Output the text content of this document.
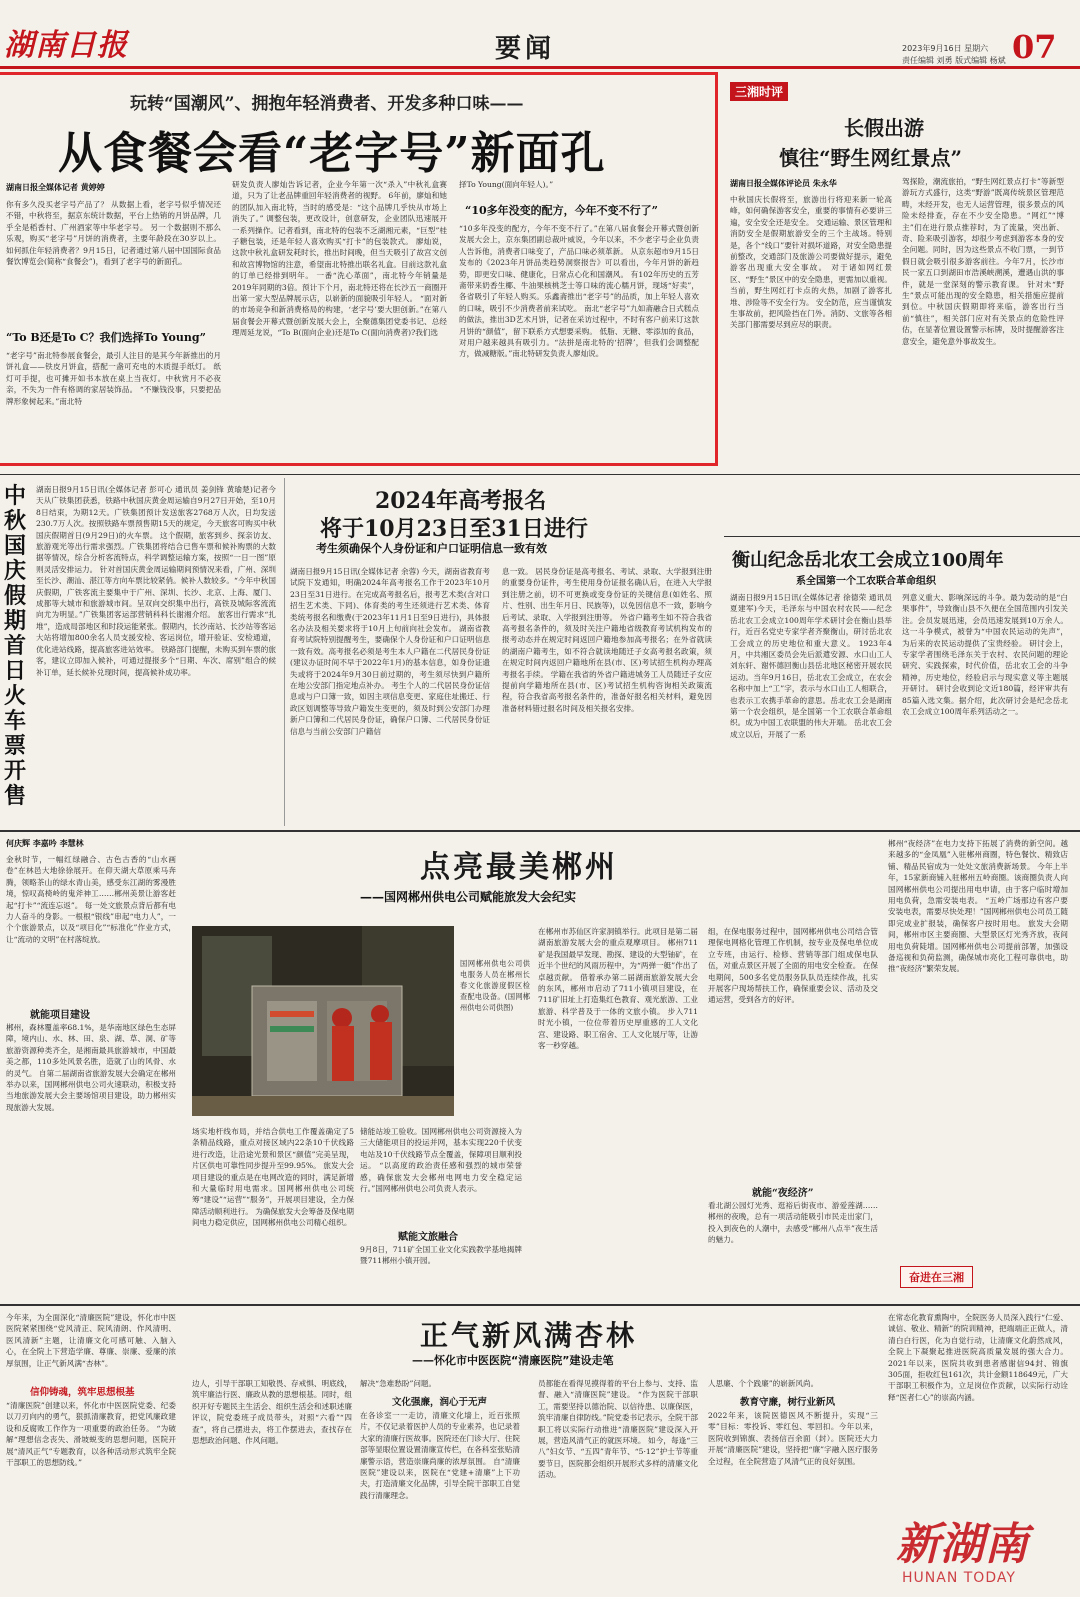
湖南日报	要闻	2023年9月16日 星期六
责任编辑 刘勇 版式编辑 杨斌 07
玩转“国潮风”、拥抱年轻消费者、开发多种口味——
从食餐会看“老字号”新面孔
湖南日报全媒体记者 黄婷婷
你有多久没买老字号产品了？ 从数据上看，老字号似乎情况还不错，中秋将至，据京东统计数据，平台上热销的月饼品牌，几乎全是稻香村、广州酒家等中华老字号。 另一个数据则不那么乐观，购买“老字号”月饼的消费者，主要年龄段在30岁以上。 如何抓住年轻消费者？9月15日，记者通过第八届中国国际食品餐饮博览会(简称“食餐会”)，看到了老字号的新面孔。
“To B还是To C？我们选择To Young”
“老字号”南北特参展食餐会，最引人注目的是其今年新推出的月饼礼盒——铁皮月饼盒，搭配一盏可充电的木质提手纸灯。 纸灯可手提，也可摊开如书本放在桌上当夜灯。中秋赏月不必夜亲，不失为一件有格调的家居装饰品。 “不赚钱没事，只要把品牌形象树起来。”南北特
研发负责人廖灿告诉记者，企业今年第一次“杀入”中秋礼盒赛道，只为了让老品牌重回年轻消费者的视野。 6年前，廖灿和她的团队加入南北特，当时的感受是：“这个品牌几乎快从市场上消失了。” 调整包装，更改设计，创意研发，企业团队迅速展开一系列操作。记者看到，南北特的包装不乏湖湘元素，“巨型”桂子糖包装，还是年轻人喜欢购买“打卡”的包装款式。 廖灿说，这款中秋礼盒研发耗时长，推出时间晚，但当天吸引了故宫文创和故宫博物馆的注意，希望南北特推出联名礼盒。目前这款礼盒的订单已经排到明年。 一番“洗心革面”，南北特今年销量是2019年同期的3倍。预计下个月，南北特还将在长沙五一商圈开出第一家大型品牌展示店，以崭新的面貌吸引年轻人。 “面对新的市场竞争和新消费格局的构建，‘老字号’要大胆创新。”在第八届食餐会开幕式暨创新发展大会上，全聚德集团党委书记、总经理周延龙说，“To B(面向企业)还是To C(面向消费者)?我们选
择To Young(面向年轻人)。”
“10多年没变的配方，今年不变不行了”
“10多年没变的配方，今年不变不行了。”在第八届食餐会开幕式暨创新发展大会上，京东集团副总裁叶威说，今年以来，不少老字号企业负责人告诉他，消费者口味变了，产品口味必须革新。 从京东超市9月15日发布的《2023年月饼品类趋势洞察报告》可以看出，今年月饼的新趋势，即更安口味、健康化，日常点心化和国潮风。 有102年历史的五芳斋带来奶香生椰、牛油果核桃芝士等口味的流心糯月饼，现场“好卖”，各省吸引了年轻人购买。乐鑫斋推出“老字号”的品质，加上年轻人喜欢的口味，吸引不少消费者前来试吃。 南北“老字号”九如斋融合日式糕点的做法，推出3D艺术月饼，记者在采访过程中，不时有客户前来订这款月饼的“颜值”，留下联系方式想要采购。 低脂、无糖、零添加的食品，对用户越来越具有吸引力。“法拼是南北特的‘招牌’，但我们会调整配方，做减糖版。”南北特研发负责人廖灿说。
三湘时评
长假出游
慎往“野生网红景点”
湖南日报全媒体评论员 朱永华
中秋国庆长假将至，旅游出行将迎来新一轮高峰，如何确保游客安全，重要的事情有必要讲三遍，安全安全还是安全。 交通运输、景区管理和消防安全是假期旅游安全的三个主战场。特别是，各个“线口”要针对损坏道路，对安全隐患提前整改，交通部门及旅游公司要做好提示，避免游客出现重大安全事故。 对于诸如网红景区、“野生”景区中的安全隐患，更需加以重视。当前，野生网红打卡点的火热，加剧了游客扎堆、涉险等不安全行为。 安全防范，应当谨慎发生事故前，把风险挡在门外。消防、文旅等各相关部门都需要尽到应尽的职责。
驾探险，潮流旅拍，“野生网红景点打卡”等新型游玩方式盛行，这类“野游”既离传统景区管理范畴，未经开发，也无人运营管理，很多景点的风险未经排查，存在不少安全隐患。“网红”“博主”们在进行景点推荐时，为了流量，突出新、奇、险来吸引游客，却很少考虑到游客本身的安全问题。同时，因为这些景点不收门票，一到节假日就会吸引很多游客前往。今年7月，长沙市民一家五口到湖田市浩溪峡溯溪，遭遇山洪的事件，就是一堂深刻的警示教育课。 针对未“野生”景点可能出现的安全隐患，相关措施应提前到位。中秋国庆假期即将来临，游客出行当前“慎往”，相关部门应对有关景点的危险性评估，在显著位置设置警示标牌，及时提醒游客注意安全，避免意外事故发生。
中秋国庆假期首日火车票开售
湖南日报9月15日讯(全媒体记者 彭可心 通讯员 姜剑锋 黄瑜楚)记者今天从广铁集团获悉，铁路中秋国庆黄金周运输自9月27日开始，至10月8日结束，为期12天。广铁集团预计发送旅客2768万人次，日均发送230.7万人次。按照铁路车票预售期15天的规定，今天旅客可购买中秋国庆假期首日(9月29日)的火车票。 这个假期，旅客到乡、探亲访友、旅游观光等出行需求强烈。广铁集团将结合已售车票和候补购票的大数据等情况，综合分析客流特点，科学调整运输方案，按照“一日一图”原则灵活安排运力。 针对首国庆黄金周运输期间预情况来看，广州、深圳至长沙、潮汕、湛江等方向车票比较紧俏。候补人数较多。“今年中秋国庆假期，广铁客流主要集中于广州、深圳、长沙、北京、上海、厦门、成都等大城市和旅游城市间。呈双向交织集中出行，高铁及城际客流流向尤为明显。”广铁集团客运部营销科科长谢湘介绍。 旅客出行需求“扎堆”，造成局部地区和时段运能紧张。假期内，长沙南站、长沙站等客运大站将增加800余名人员支援安检、客运岗位，增开验证、安检通道，优化进站线路，提高旅客进站效率。 铁路部门提醒，未购买到车票的旅客，建议立即加入候补，可通过提报多个“日期、车次、席别”组合的候补订单，延长候补兑现时间，提高候补成功率。
2024年高考报名
将于10月23日至31日进行
考生须确保个人身份证和户口证明信息一致有效
湖南日报9月15日讯(全媒体记者 余蓉) 今天，湖南省教育考试院下发通知，明确2024年高考报名工作于2023年10月23日至31日进行。在完成高考报名后，报考艺术类(含对口招生艺术类、下同)、体育类的考生还须进行艺术类、体育类统考报名和缴费(于2023年11月1日至9日进行)，具体报名办法及相关要求将于10月上旬前向社会发布。 湖南省教育考试院特别提醒考生，要确保个人身份证和户口证明信息一致有效。高考报名必须是考生本人户籍在二代居民身份证(建议办证时间不早于2022年1月)的基本信息，如身份证遗失或将于2024年9月30日前过期的，考生须尽快到户籍所在地公安部门指定地点补办。 考生个人的二代居民身份证信息或与户口簿一致，如因主项信息变更、家庭住址搬迁、行政区划调整等导致户籍发生变更的，须及时到公安部门办理新户口簿和二代居民身份证，确保户口簿、二代居民身份证信息与当前公安部门户籍信
息一致。 居民身份证是高考报名、考试、录取、大学报到注册的重要身份证件，考生使用身份证报名确认后，在进入大学报到注册之前，切不可更换或变身份证的关键信息(如姓名、照片、性别、出生年月日、民族等)，以免因信息不一致，影响今后考试、录取、入学报到注册等。 外省户籍考生如不符合我省高考报名条件的，须及时关注户籍地省级教育考试机构发布的报考动态并在规定时间返回户籍地参加高考报名；在外省就读的湖南户籍考生，如不符合就读地随迁子女高考报名政策，须在规定时间内返回户籍地所在县(市、区)考试招生机构办理高考报名手续。 学籍在我省的外省户籍进城务工人员随迁子女应提前向学籍地所在县(市、区)考试招生机构咨询相关政策流程，符合我省高考报名条件的，准备好报名相关材料，避免因准备材料错过报名时间及相关报名安排。
衡山纪念岳北农工会成立100周年
系全国第一个工农联合革命组织
湖南日报9月15日讯(全媒体记者 徐德荣 通讯员 夏建军)今天，毛泽东与中国农村农民——纪念岳北农工会成立100周年学术研讨会在衡山县举行，近百名党史专家学者齐聚衡山，研讨岳北农工会成立的历史地位和重大意义。 1923年4月，中共湘区委员会先后派遣安源、水口山工人刘东轩、谢怀德回衡山县岳北地区秘密开展农民运动。当年9月16日，岳北农工会成立，在农会名称中加上“工”字，表示与水口山工人相联合，也表示工农携手革命的意思。岳北农工会是湖南第一个农会组织，是全国第一个工农联合革命组织。成为中国工农联盟的伟大开端。 岳北农工会成立以后，开展了一系
列意义重大、影响深远的斗争。最为轰动的是“白果事件”，导致衡山县不久便在全国范围内引发关注。会员发展迅速，会员迅速发展到10万余人。这一斗争模式，被誉为“中国农民运动的先声”，为后来的农民运动提供了宝贵经验。 研讨会上，专家学者围绕毛泽东关于农村、农民问题的理论研究、实践探索，时代价值，岳北农工会的斗争精神，历史地位，经验启示与现实意义等主题展开研讨。 研讨会收到论文近180篇，经评审共有85篇入选文集。据介绍，此次研讨会是纪念岳北农工会成立100周年系列活动之一。
何庆辉 李嘉吟 李慧林
金秋时节，一幅红绿融合、古色古香的“山水画卷”在林邑大地徐徐展开。在仰天湖大草原乘马奔腾，领略茶山的绿水青山美，感受东江湖的雾漫胜境，惊叹高椅岭的鬼斧神工……郴州美景让游客赶起“打卡”“流连忘返”。 每一处文旅景点背后都有电力人奋斗的身影。一根根“银线”串起“电力人”，一个个旅游景点，以及“项目化”“标准化”作业方式，让“流动的文明”在村落绽放。
就能项目建设
郴州，森林覆盖率68.1%，是华南地区绿色生态屏障，境内山、水、林、田、泉、湖、草、洞、矿等旅游资源种类齐全，是湘南最具旅游城市，中国最美之都，110多处风景名胜，造就了山的风骨、水的灵气。 自第二届湖南省旅游发展大会确定在郴州举办以来，国网郴州供电公司火速联动，积极支持当地旅游发展大会主要场馆项目建设，助力郴州实现旅游大发展。
点亮最美郴州
——国网郴州供电公司赋能旅发大会纪实
国网郴州供电公司供电服务人员在郴州长春文化旅游度假区检查配电设备。(国网郴州供电公司供图)
场实地杆线布局，并结合供电工作覆盖确定了5条精品线路，重点对接区域内22条10千伏线路进行改造，让沿途光景和景区“颜值”完美呈现，片区供电可靠性同步提升至99.95%。 旅发大会项目建设的重点是在电网改造的同时，满足新增和大量临时用电需求。国网郴州供电公司统筹“建设”“运营”“服务”，开展项目建设，全力保障活动顺利进行。 为确保旅发大会筹备及保电期间电力稳定供应，国网郴州供电公司精心组织。
储能站竣工验收。国网郴州供电公司资源接入为三大储能项目的投运并网，基本实现220千伏变电站及10千伏线路节点全覆盖，保障项目顺利投运。 “以高度的政治责任感和强烈的城市荣誉感，确保旅发大会郴州电网电力安全稳定运行。”国网郴州供电公司负责人表示。
赋能文旅融合
9月8日，711矿全国工业文化实践教学基地揭牌暨711郴州小镇开园。
在郴州市苏仙区许家洞镇举行。此项目是第二届湖南旅游发展大会的重点观摩项目。 郴州711矿是我国最早发现、勘探、建设的大型铀矿，在近半个世纪的风雨历程中，为“两弹一艇”作出了卓越贡献。 借着承办第二届湖南旅游发展大会的东风，郴州市启动了711小镇项目建设，在711矿旧址上打造集红色教育、观光旅游、工业旅游、科学普及于一体的文旅小镇。 步入711时光小镇，一位位带着历史厚重感的工人文化宫、建设路、职工宿舍、工人文化展厅等，让游客一秒穿越。
组，在保电服务过程中，国网郴州供电公司结合管理保电网格化管理工作机制，按专业及保电单位成立专班，由运行、检修、营销等部门组成保电队伍，对重点景区开展了全面的用电安全检查。 在保电期间，500多名党员服务队队员连续作战，扎实开展客户现场帮扶工作，确保重要会议、活动及交通运营，受到各方的好评。
就能“夜经济”
看北湖公园灯光秀、逛裕后街夜市、游爱莲湖……郴州的夜晚，总有一项活动能吸引市民走出家门，投入到夜色的人潮中，去感受“郴州八点半”夜生活的魅力。
郴州“夜经济”在电力支持下拓展了消费的新空间。越来越多的“金凤凰”入驻郴州商圈，特色餐饮、精致店铺、精品民宿成为一处处文旅消费新场景。 今年上半年，15家新商铺入驻郴州五岭商圈。该商圈负责人向国网郴州供电公司提出用电申请，由于客户临时增加用电负荷，急需安装电表。 “五岭广场那边有客户要安装电表，需要尽快处理！”国网郴州供电公司员工随即完成业扩报装，确保客户按时用电。 旅发大会期间，郴州市区主要商圈、大型景区灯光秀齐放，夜间用电负荷陡增。国网郴州供电公司提前部署，加强设备巡视和负荷监测，确保城市亮化工程可靠供电，助推“夜经济”繁荣发展。
奋进在三湘
今年来，为全面深化“清廉医院”建设，怀化市中医医院紧紧围绕“党风清正、院风清朗、作风清明、医风清新”主题，让清廉文化可感可触、入脑入心，在全院上下营造学廉、尊廉、崇廉、爱廉的浓厚氛围，让正气新风满“杏林”。
信仰铸魂，筑牢思想根基
“清廉医院”创建以来，怀化市中医医院党委、纪委以刀刃向内的勇气，狠抓清廉教育，把党风廉政建设和反腐败工作作为一项重要的政治任务。 “为破解“理想信念丧失、滑坡蜕变的思想问题，医院开展“清风正气”专题教育，以各种活动形式筑牢全院干部职工的思想防线。”
正气新风满杏林
——怀化市中医医院“清廉医院”建设走笔
边人，引导干部职工知敬畏、存戒惧、明底线，筑牢廉洁行医、廉政从教的思想根基。同时，组织开好专题民主生活会、组织生活会和述职述廉评议，院党委班子成员带头，对照“六看”“四查”，将自己摆进去，将工作摆进去，查找存在思想政治问题、作风问题。
解决“急难愁盼”问题。
文化强廉，润心于无声
在各诊室一一走访，清廉文化墙上，近百张照片，不仅记录着医护人员的专业素养，也记录着大家的清廉行医故事。医院还在门诊大厅、住院部等显眼位置设置清廉宣传栏，在各科室张贴清廉警示语，营造崇廉尚廉的浓厚氛围。 自“清廉医院”建设以来，医院在“党建+清廉”上下功夫，打造清廉文化品牌，引导全院干部职工自觉践行清廉理念。
员都能在看得见摸得着的平台上参与、支持、监督、融入“清廉医院”建设。 “作为医院干部职工，需要坚持以德治院、以信待患、以廉保医，筑牢清廉自律防线。”院党委书记表示，全院干部职工将以实际行动推进“清廉医院”建设深入开展，营造风清气正的就医环境。 如今，每逢“三八”妇女节、“五四”青年节、“5·12”护士节等重要节日，医院都会组织开展形式多样的清廉文化活动。
人思廉、个个践廉”的崭新风尚。
教育守廉，树行业新风
2022年来，该院医德医风不断提升，实现“三零”目标：零投诉、零红包、零回扣。今年以来，医院收到锦旗、表扬信百余面（封）。医院还大力开展“清廉医院”建设，坚持把“廉”字融入医疗服务全过程，在全院营造了风清气正的良好氛围。
在常态化教育熏陶中，全院医务人员深入践行“仁爱、诚信、敬业、精新”的院训精神，把端端正正做人，清清白白行医，化为自觉行动，让清廉文化蔚然成风，全院上下凝聚起推进医院高质量发展的强大合力。 2021年以来，医院共收到患者感谢信94封、锦旗305面，拒收红包161次，共计金额118649元，广大干部职工积极作为，立足岗位作贡献，以实际行动诠释“医者仁心”的崇高内涵。
新湖南
HUNAN TODAY
